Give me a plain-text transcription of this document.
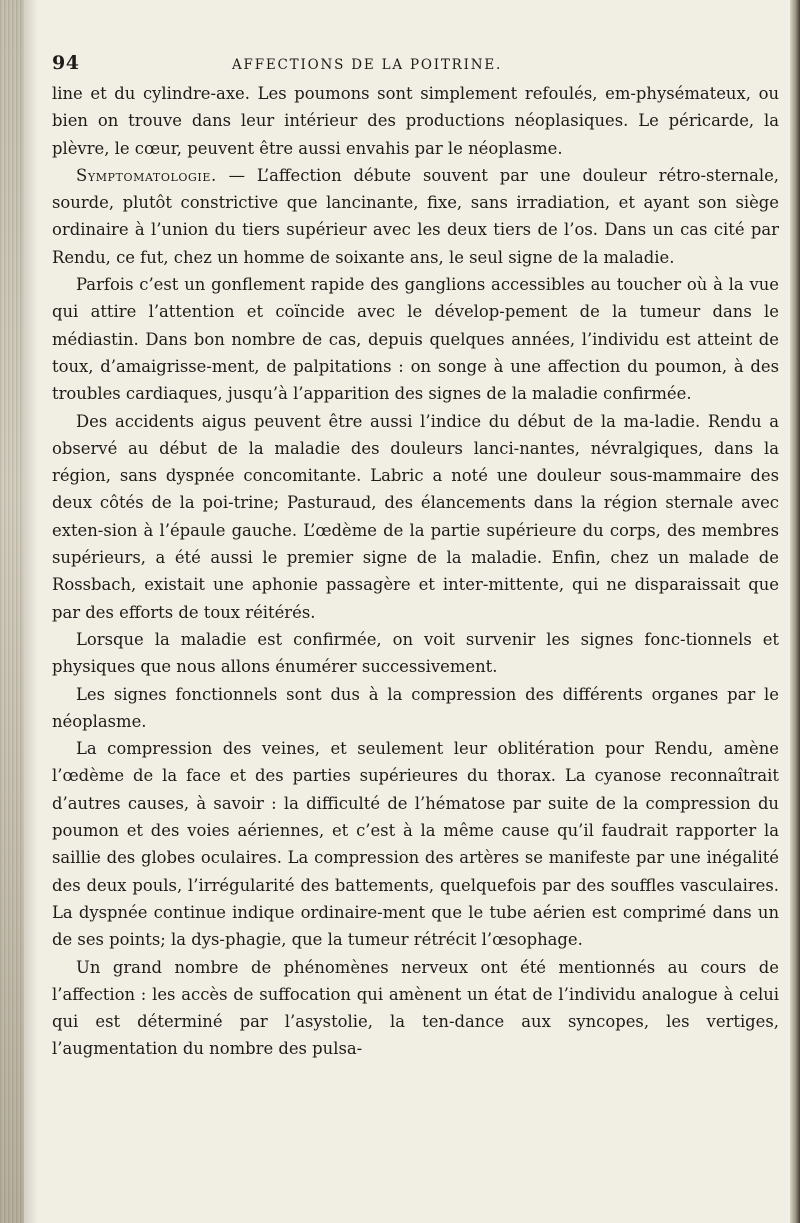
94	AFFECTIONS DE LA POITRINE.

line et du cylindre-axe. Les poumons sont simplement refoulés, em-physémateux, ou bien on trouve dans leur intérieur des productions néoplasiques. Le péricarde, la plèvre, le cœur, peuvent être aussi envahis par le néoplasme.

Symptomatologie. — L’affection débute souvent par une douleur rétro-sternale, sourde, plutôt constrictive que lancinante, fixe, sans irradiation, et ayant son siège ordinaire à l’union du tiers supérieur avec les deux tiers de l’os. Dans un cas cité par Rendu, ce fut, chez un homme de soixante ans, le seul signe de la maladie.

Parfois c’est un gonflement rapide des ganglions accessibles au toucher où à la vue qui attire l’attention et coïncide avec le dévelop-pement de la tumeur dans le médiastin. Dans bon nombre de cas, depuis quelques années, l’individu est atteint de toux, d’amaigrisse-ment, de palpitations : on songe à une affection du poumon, à des troubles cardiaques, jusqu’à l’apparition des signes de la maladie confirmée.

Des accidents aigus peuvent être aussi l’indice du début de la ma-ladie. Rendu a observé au début de la maladie des douleurs lanci-nantes, névralgiques, dans la région, sans dyspnée concomitante. Labric a noté une douleur sous-mammaire des deux côtés de la poi-trine; Pasturaud, des élancements dans la région sternale avec exten-sion à l’épaule gauche. L’œdème de la partie supérieure du corps, des membres supérieurs, a été aussi le premier signe de la maladie. Enfin, chez un malade de Rossbach, existait une aphonie passagère et inter-mittente, qui ne disparaissait que par des efforts de toux réitérés.

Lorsque la maladie est confirmée, on voit survenir les signes fonc-tionnels et physiques que nous allons énumérer successivement.

Les signes fonctionnels sont dus à la compression des différents organes par le néoplasme.

La compression des veines, et seulement leur oblitération pour Rendu, amène l’œdème de la face et des parties supérieures du thorax. La cyanose reconnaîtrait d’autres causes, à savoir : la difficulté de l’hématose par suite de la compression du poumon et des voies aériennes, et c’est à la même cause qu’il faudrait rapporter la saillie des globes oculaires. La compression des artères se manifeste par une inégalité des deux pouls, l’irrégularité des battements, quelquefois par des souffles vasculaires. La dyspnée continue indique ordinaire-ment que le tube aérien est comprimé dans un de ses points; la dys-phagie, que la tumeur rétrécit l’œsophage.

Un grand nombre de phénomènes nerveux ont été mentionnés au cours de l’affection : les accès de suffocation qui amènent un état de l’individu analogue à celui qui est déterminé par l’asystolie, la ten-dance aux syncopes, les vertiges, l’augmentation du nombre des pulsa-
